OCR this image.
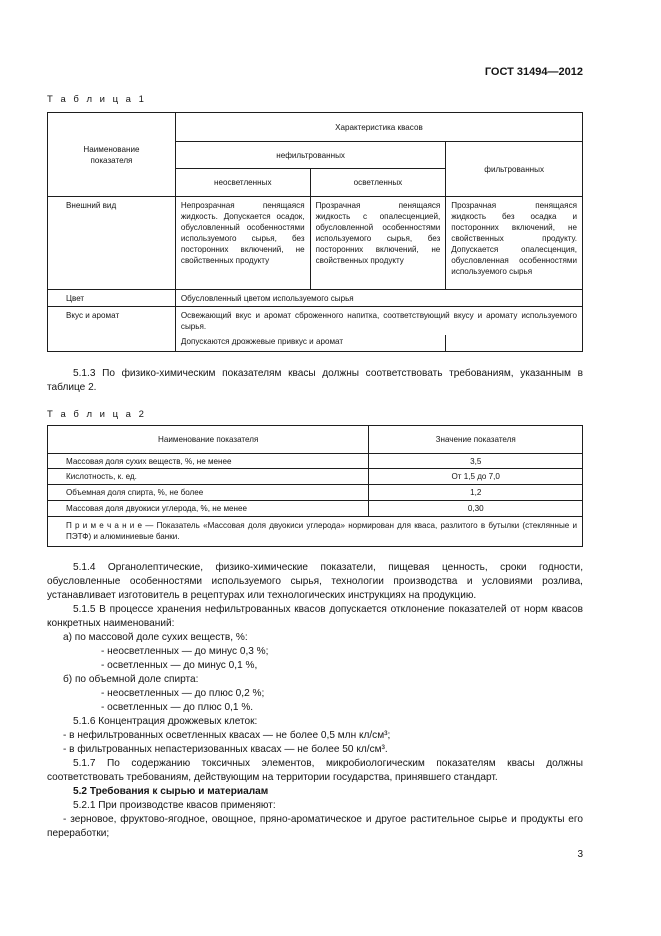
ГОСТ 31494—2012
Т а б л и ц а 1
Наименование показателя	Характеристика квасов		
	нефильтрованных		фильтрованных
	неосветленных	осветленных	

Внешний вид	Непрозрачная пенящаяся жидкость. Допускается осадок, обусловленный особенностями используемого сырья, без посторонних включений, не свойственных продукту	Прозрачная пенящаяся жидкость с опалесценцией, обусловленной особенностями используемого сырья, без посторонних включений, не свойственных продукту	Прозрачная пенящаяся жидкость без осадка и посторонних включений, не свойственных продукту. Допускается опалесценция, обусловленная особенностями используемого сырья

Цвет	Обусловленный цветом используемого сырья		

Вкус и аромат	Освежающий вкус и аромат сброженного напитка, соответствующий вкусу и аромату используемого сырья.		

	Допускаются дрожжевые привкус и аромат		

5.1.3 По физико-химическим показателям квасы должны соответствовать требованиям, указанным в таблице 2.
Т а б л и ц а 2
Наименование показателя	Значение показателя

Массовая доля сухих веществ, %, не менее	3,5

Кислотность, к. ед.	От 1,5 до 7,0

Объемная доля спирта, %, не более	1,2

Массовая доля двуокиси углерода, %, не менее	0,30

П р и м е ч а н и е — Показатель «Массовая доля двуокиси углерода» нормирован для кваса, разлитого в бутылки (стеклянные и ПЭТФ) и алюминиевые банки.	
5.1.4 Органолептические, физико-химические показатели, пищевая ценность, сроки годности, обусловленные особенностями используемого сырья, технологии производства и условиями розлива, устанавливает изготовитель в рецептурах или технологических инструкциях на продукцию.
5.1.5 В процессе хранения нефильтрованных квасов допускается отклонение показателей от норм квасов конкретных наименований:
а) по массовой доле сухих веществ, %:
- неосветленных — до минус 0,3 %;
- осветленных — до минус 0,1 %,
б) по объемной доле спирта:
- неосветленных — до плюс 0,2 %;
- осветленных — до плюс 0,1 %.
5.1.6 Концентрация дрожжевых клеток:
- в нефильтрованных осветленных квасах — не более 0,5 млн кл/см³;
- в фильтрованных непастеризованных квасах — не более 50 кл/см³.
5.1.7 По содержанию токсичных элементов, микробиологическим показателям квасы должны соответствовать требованиям, действующим на территории государства, принявшего стандарт.
5.2 Требования к сырью и материалам
5.2.1 При производстве квасов применяют:
- зерновое, фруктово-ягодное, овощное, пряно-ароматическое и другое растительное сырье и продукты его переработки;
3
